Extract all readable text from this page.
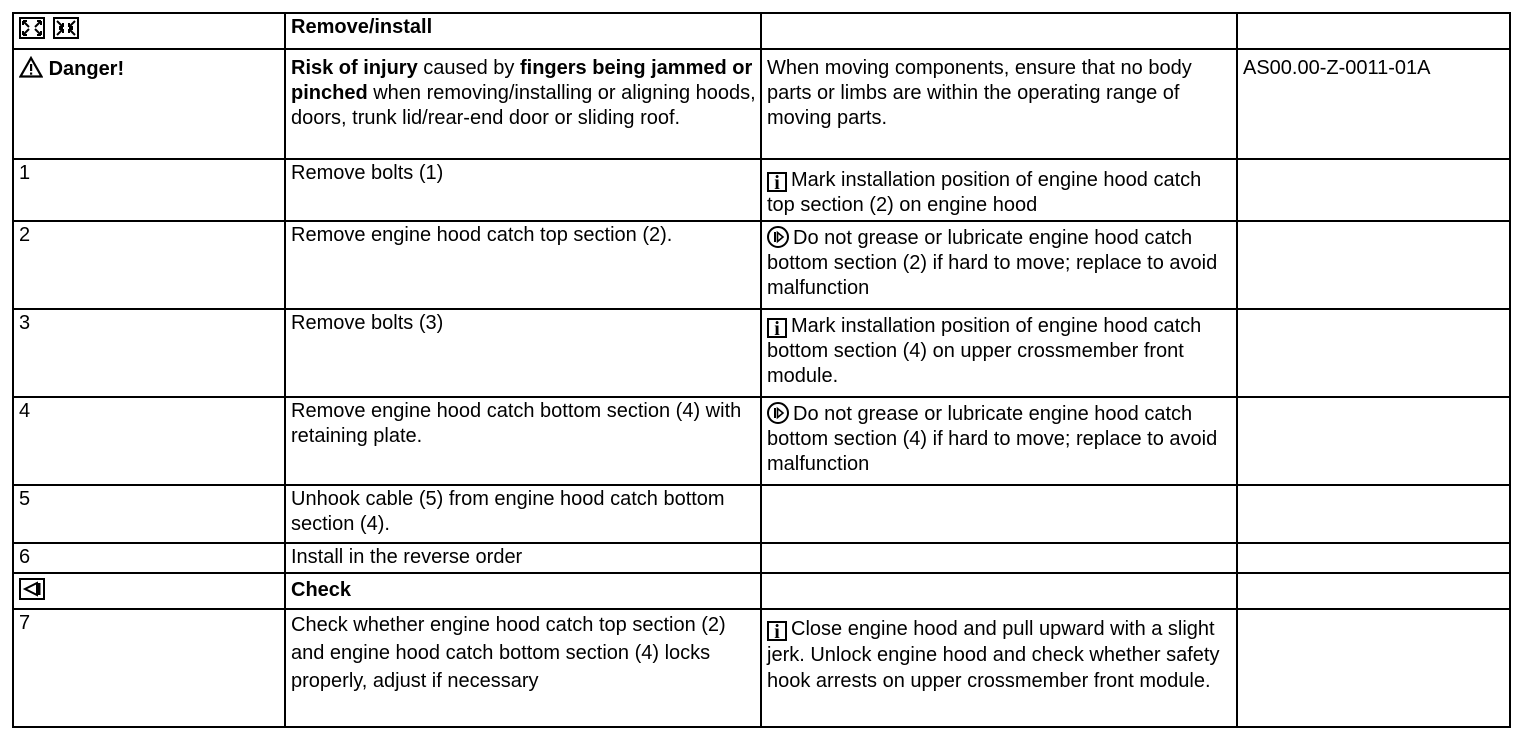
	Remove/install		
Danger!	Risk of injury caused by fingers being jammed or pinched when removing/installing or aligning hoods, doors, trunk lid/rear-end door or sliding roof.	When moving components, ensure that no body parts or limbs are within the operating range of moving parts.	AS00.00-Z-0011-01A
1	Remove bolts (1)	i Mark installation position of engine hood catch top section (2) on engine hood	
2	Remove engine hood catch top section (2).	Do not grease or lubricate engine hood catch bottom section (2) if hard to move; replace to avoid malfunction	
3	Remove bolts (3)	i Mark installation position of engine hood catch bottom section (4) on upper crossmember front module.	
4	Remove engine hood catch bottom section (4) with retaining plate.	Do not grease or lubricate engine hood catch bottom section (4) if hard to move; replace to avoid malfunction	
5	Unhook cable (5) from engine hood catch bottom section (4).		
6	Install in the reverse order		
	Check		
7	Check whether engine hood catch top section (2) and engine hood catch bottom section (4) locks properly, adjust if necessary	i Close engine hood and pull upward with a slight jerk. Unlock engine hood and check whether safety hook arrests on upper crossmember front module.	
